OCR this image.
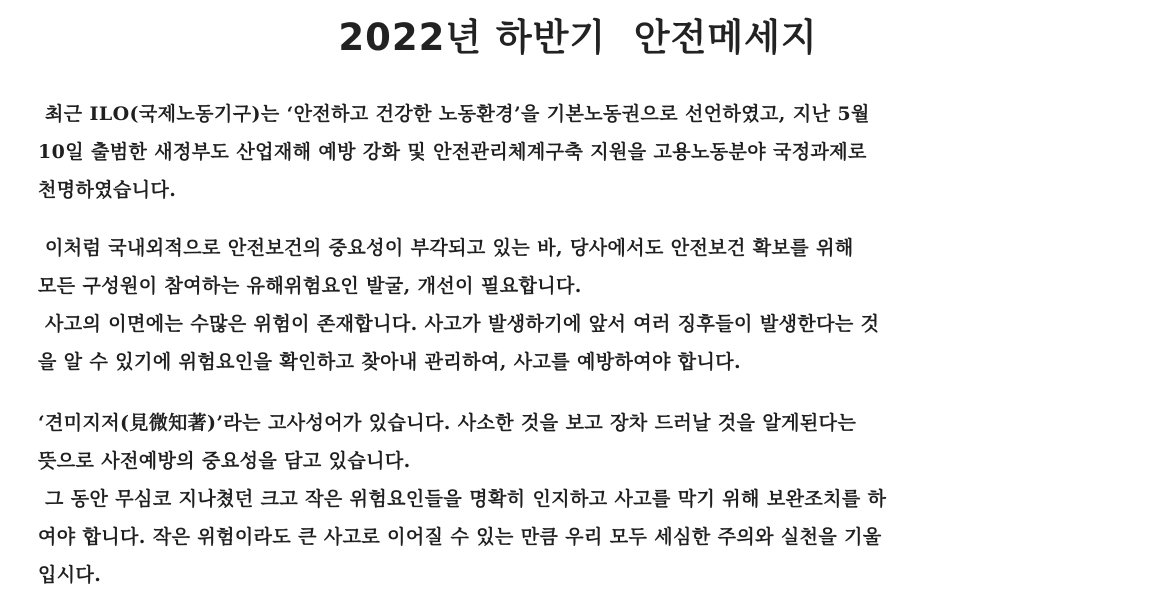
2022년 하반기  안전메세지
최근 ILO(국제노동기구)는 ‘안전하고 건강한 노동환경’을 기본노동권으로 선언하였고, 지난 5월
10일 출범한 새정부도 산업재해 예방 강화 및 안전관리체계구축 지원을 고용노동분야 국정과제로
천명하였습니다.
이처럼 국내외적으로 안전보건의 중요성이 부각되고 있는 바, 당사에서도 안전보건 확보를 위해
모든 구성원이 참여하는 유해위험요인 발굴, 개선이 필요합니다.
사고의 이면에는 수많은 위험이 존재합니다. 사고가 발생하기에 앞서 여러 징후들이 발생한다는 것
을 알 수 있기에 위험요인을 확인하고 찾아내 관리하여, 사고를 예방하여야 합니다.
‘견미지저(見微知著)’라는 고사성어가 있습니다. 사소한 것을 보고 장차 드러날 것을 알게된다는
뜻으로 사전예방의 중요성을 담고 있습니다.
그 동안 무심코 지나쳤던 크고 작은 위험요인들을 명확히 인지하고 사고를 막기 위해 보완조치를 하
여야 합니다. 작은 위험이라도 큰 사고로 이어질 수 있는 만큼 우리 모두 세심한 주의와 실천을 기울
입시다.
